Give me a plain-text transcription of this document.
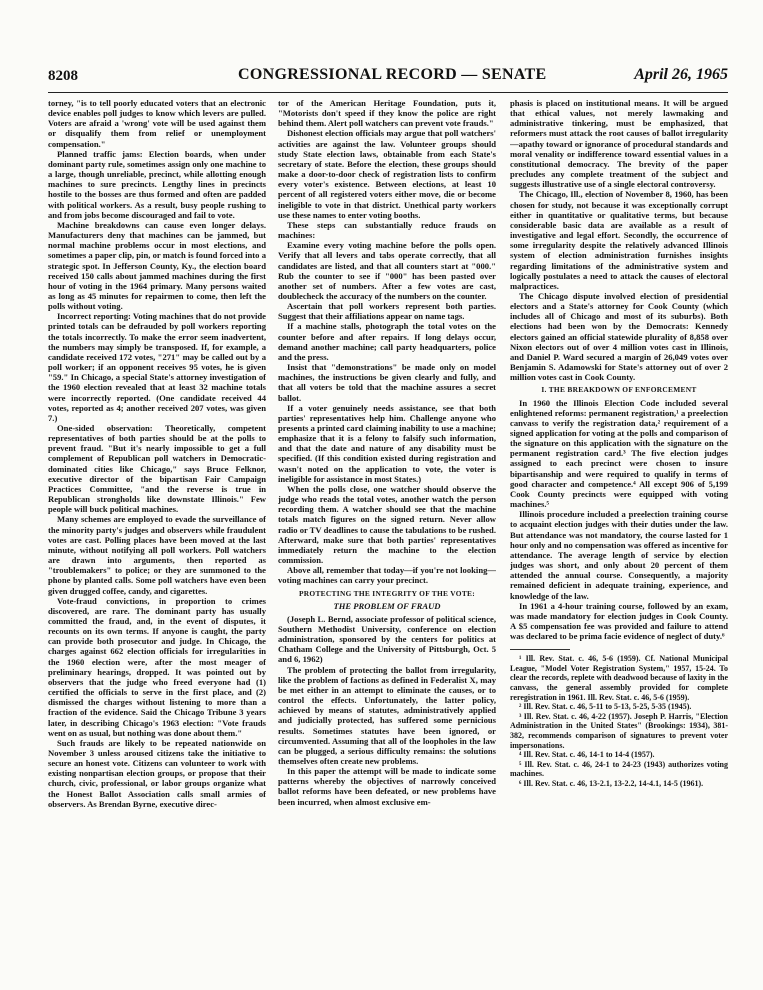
8208	CONGRESSIONAL RECORD — SENATE	April 26, 1965

torney, "is to tell poorly educated voters that an electronic device enables poll judges to know which levers are pulled. Voters are afraid a 'wrong' vote will be used against them or disqualify them from relief or unemployment compensation."

Planned traffic jams: Election boards, when under dominant party rule, sometimes assign only one machine to a large, though unreliable, precinct, while allotting enough machines to sure precincts. Lengthy lines in precincts hostile to the bosses are thus formed and often are padded with political workers. As a result, busy people rushing to and from jobs become discouraged and fail to vote.

Machine breakdowns can cause even longer delays. Manufacturers deny that machines can be jammed, but normal machine problems occur in most elections, and sometimes a paper clip, pin, or match is found forced into a strategic spot. In Jefferson County, Ky., the election board received 150 calls about jammed machines during the first hour of voting in the 1964 primary. Many persons waited as long as 45 minutes for repairmen to come, then left the polls without voting.

Incorrect reporting: Voting machines that do not provide printed totals can be defrauded by poll workers reporting the totals incorrectly. To make the error seem inadvertent, the numbers may simply be transposed. If, for example, a candidate received 172 votes, "271" may be called out by a poll worker; if an opponent receives 95 votes, he is given "59." In Chicago, a special State's attorney investigation of the 1960 election revealed that at least 32 machine totals were incorrectly reported. (One candidate received 44 votes, reported as 4; another received 207 votes, was given 7.)

One-sided observation: Theoretically, competent representatives of both parties should be at the polls to prevent fraud. "But it's nearly impossible to get a full complement of Republican poll watchers in Democratic-dominated cities like Chicago," says Bruce Felknor, executive director of the bipartisan Fair Campaign Practices Committee, "and the reverse is true in Republican strongholds like downstate Illinois." Few people will buck political machines.

Many schemes are employed to evade the surveillance of the minority party's judges and observers while fraudulent votes are cast. Polling places have been moved at the last minute, without notifying all poll workers. Poll watchers are drawn into arguments, then reported as "troublemakers" to police; or they are summoned to the phone by planted calls. Some poll watchers have even been given drugged coffee, candy, and cigarettes.

Vote-fraud convictions, in proportion to crimes discovered, are rare. The dominant party has usually committed the fraud, and, in the event of disputes, it recounts on its own terms. If anyone is caught, the party can provide both prosecutor and judge. In Chicago, the charges against 662 election officials for irregularities in the 1960 election were, after the most meager of preliminary hearings, dropped. It was pointed out by observers that the judge who freed everyone had (1) certified the officials to serve in the first place, and (2) dismissed the charges without listening to more than a fraction of the evidence. Said the Chicago Tribune 3 years later, in describing Chicago's 1963 election: "Vote frauds went on as usual, but nothing was done about them."

Such frauds are likely to be repeated nationwide on November 3 unless aroused citizens take the initiative to secure an honest vote. Citizens can volunteer to work with existing nonpartisan election groups, or propose that their church, civic, professional, or labor groups organize what the Honest Ballot Association calls small armies of observers. As Brendan Byrne, executive direc-

tor of the American Heritage Foundation, puts it, "Motorists don't speed if they know the police are right behind them. Alert poll watchers can prevent vote frauds."

Dishonest election officials may argue that poll watchers' activities are against the law. Volunteer groups should study State election laws, obtainable from each State's secretary of state. Before the election, these groups should make a door-to-door check of registration lists to confirm every voter's existence. Between elections, at least 10 percent of all registered voters either move, die or become ineligible to vote in that district. Unethical party workers use these names to enter voting booths.

These steps can substantially reduce frauds on machines:

Examine every voting machine before the polls open. Verify that all levers and tabs operate correctly, that all candidates are listed, and that all counters start at "000." Rub the counter to see if "000" has been pasted over another set of numbers. After a few votes are cast, doublecheck the accuracy of the numbers on the counter.

Ascertain that poll workers represent both parties. Suggest that their affiliations appear on name tags.

If a machine stalls, photograph the total votes on the counter before and after repairs. If long delays occur, demand another machine; call party headquarters, police and the press.

Insist that "demonstrations" be made only on model machines, the instructions be given clearly and fully, and that all voters be told that the machine assures a secret ballot.

If a voter genuinely needs assistance, see that both parties' representatives help him. Challenge anyone who presents a printed card claiming inability to use a machine; emphasize that it is a felony to falsify such information, and that the date and nature of any disability must be specified. (If this condition existed during registration and wasn't noted on the application to vote, the voter is ineligible for assistance in most States.)

When the polls close, one watcher should observe the judge who reads the total votes, another watch the person recording them. A watcher should see that the machine totals match figures on the signed return. Never allow radio or TV deadlines to cause the tabulations to be rushed. Afterward, make sure that both parties' representatives immediately return the machine to the election commission.

Above all, remember that today—if you're not looking—voting machines can carry your precinct.

PROTECTING THE INTEGRITY OF THE VOTE:
THE PROBLEM OF FRAUD

(Joseph L. Bernd, associate professor of political science, Southern Methodist University, conference on election administration, sponsored by the centers for politics at Chatham College and the University of Pittsburgh, Oct. 5 and 6, 1962)

The problem of protecting the ballot from irregularity, like the problem of factions as defined in Federalist X, may be met either in an attempt to eliminate the causes, or to control the effects. Unfortunately, the latter policy, achieved by means of statutes, administratively applied and judicially protected, has suffered some pernicious results. Sometimes statutes have been ignored, or circumvented. Assuming that all of the loopholes in the law can be plugged, a serious difficulty remains: the solutions themselves often create new problems.

In this paper the attempt will be made to indicate some patterns whereby the objectives of narrowly conceived ballot reforms have been defeated, or new problems have been incurred, when almost exclusive em-

phasis is placed on institutional means. It will be argued that ethical values, not merely lawmaking and administrative tinkering, must be emphasized, that reformers must attack the root causes of ballot irregularity—apathy toward or ignorance of procedural standards and moral venality or indifference toward essential values in a constitutional democracy. The brevity of the paper precludes any complete treatment of the subject and suggests illustrative use of a single electoral controversy.

The Chicago, Ill., election of November 8, 1960, has been chosen for study, not because it was exceptionally corrupt either in quantitative or qualitative terms, but because considerable basic data are available as a result of investigative and legal effort. Secondly, the occurrence of some irregularity despite the relatively advanced Illinois system of election administration furnishes insights regarding limitations of the administrative system and logically postulates a need to attack the causes of electoral malpractices.

The Chicago dispute involved election of presidential electors and a State's attorney for Cook County (which includes all of Chicago and most of its suburbs). Both elections had been won by the Democrats: Kennedy electors gained an official statewide plurality of 8,858 over Nixon electors out of over 4 million votes cast in Illinois, and Daniel P. Ward secured a margin of 26,049 votes over Benjamin S. Adamowski for State's attorney out of over 2 million votes cast in Cook County.

I. THE BREAKDOWN OF ENFORCEMENT

In 1960 the Illinois Election Code included several enlightened reforms: permanent registration,¹ a preelection canvass to verify the registration data,² requirement of a signed application for voting at the polls and comparison of the signature on this application with the signature on the permanent registration card.³ The five election judges assigned to each precinct were chosen to insure bipartisanship and were required to qualify in terms of good character and competence.⁴ All except 906 of 5,199 Cook County precincts were equipped with voting machines.⁵

Illinois procedure included a preelection training course to acquaint election judges with their duties under the law. But attendance was not mandatory, the course lasted for 1 hour only and no compensation was offered as incentive for attendance. The average length of service by election judges was short, and only about 20 percent of them attended the annual course. Consequently, a majority remained deficient in adequate training, experience, and knowledge of the law.

In 1961 a 4-hour training course, followed by an exam, was made mandatory for election judges in Cook County. A $5 compensation fee was provided and failure to attend was declared to be prima facie evidence of neglect of duty.⁶

¹ Ill. Rev. Stat. c. 46, 5-6 (1959). Cf. National Municipal League, "Model Voter Registration System," 1957, 15-24. To clear the records, replete with deadwood because of laxity in the canvass, the general assembly provided for complete reregistration in 1961. Ill. Rev. Stat. c. 46, 5-6 (1959).

² Ill. Rev. Stat. c. 46, 5-11 to 5-13, 5-25, 5-35 (1945).

³ Ill. Rev. Stat. c. 46, 4-22 (1957). Joseph P. Harris, "Election Administration in the United States" (Brookings: 1934), 381-382, recommends comparison of signatures to prevent voter impersonations.

⁴ Ill. Rev. Stat. c. 46, 14-1 to 14-4 (1957).

⁵ Ill. Rev. Stat. c. 46, 24-1 to 24-23 (1943) authorizes voting machines.

⁶ Ill. Rev. Stat. c. 46, 13-2.1, 13-2.2, 14-4.1, 14-5 (1961).
